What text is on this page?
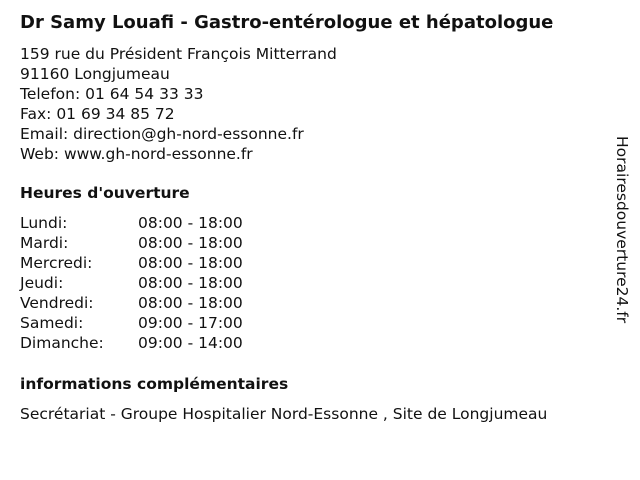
Dr Samy Louafi - Gastro-entérologue et hépatologue
159 rue du Président François Mitterrand
91160 Longjumeau
Telefon: 01 64 54 33 33
Fax: 01 69 34 85 72
Email: direction@gh-nord-essonne.fr
Web: www.gh-nord-essonne.fr
Heures d'ouverture
Lundi:	08:00 - 18:00
Mardi:	08:00 - 18:00
Mercredi:	08:00 - 18:00
Jeudi:	08:00 - 18:00
Vendredi:	08:00 - 18:00
Samedi:	09:00 - 17:00
Dimanche: 09:00 - 14:00
informations complémentaires
Secrétariat - Groupe Hospitalier Nord-Essonne , Site de Longjumeau
Horairesdouverture24.fr
